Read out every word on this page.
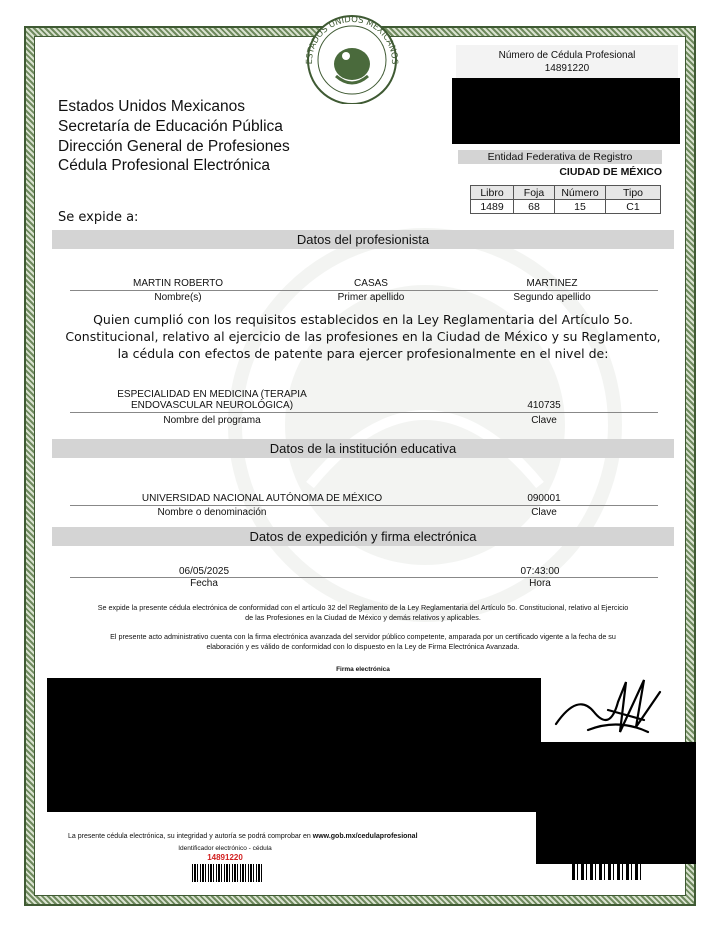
ESTADOS UNIDOS MEXICANOS
Estados Unidos Mexicanos
Secretaría de Educación Pública
Dirección General de Profesiones
Cédula Profesional Electrónica
Número de Cédula Profesional
14891220
Entidad Federativa de Registro
CIUDAD DE MÉXICO
Libro	Foja	Número	Tipo
1489	68	15	C1
Se expide a:
Datos del profesionista
MARTIN ROBERTO	CASAS	MARTINEZ
Nombre(s)	Primer apellido	Segundo apellido
Quien cumplió con los requisitos establecidos en la Ley Reglamentaria del Artículo 5o.
Constitucional, relativo al ejercicio de las profesiones en la Ciudad de México y su Reglamento,
la cédula con efectos de patente para ejercer profesionalmente en el nivel de:
ESPECIALIDAD EN MEDICINA (TERAPIA
ENDOVASCULAR NEUROLÓGICA)	410735
Nombre del programa	Clave
Datos de la institución educativa
UNIVERSIDAD NACIONAL AUTÓNOMA DE MÉXICO	090001
Nombre o denominación	Clave
Datos de expedición y firma electrónica
06/05/2025	07:43:00
Fecha	Hora
Se expide la presente cédula electrónica de conformidad con el artículo 32 del Reglamento de la Ley Reglamentaria del Artículo 5o. Constitucional, relativo al Ejercicio
de las Profesiones en la Ciudad de México y demás relativos y aplicables.
El presente acto administrativo cuenta con la firma electrónica avanzada del servidor público competente, amparada por un certificado vigente a la fecha de su
elaboración y es válido de conformidad con lo dispuesto en la Ley de Firma Electrónica Avanzada.
Firma electrónica
La presente cédula electrónica, su integridad y autoría se podrá comprobar en www.gob.mx/cedulaprofesional
Identificador electrónico - cédula
14891220
